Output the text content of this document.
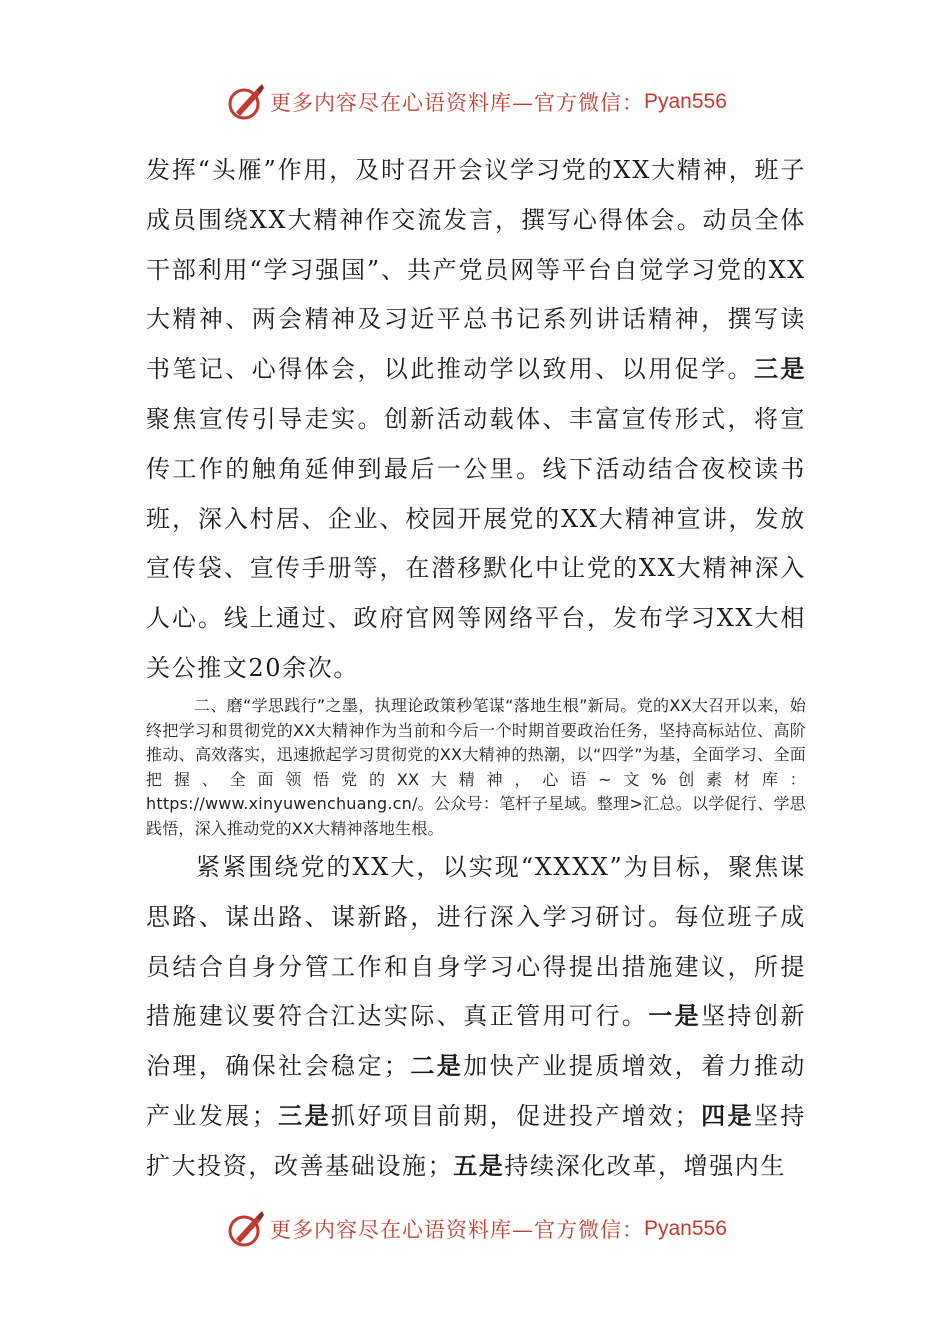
更多内容尽在心语资料库—官方微信： Pyan556

发挥“头雁”作用，及时召开会议学习党的XX大精神，班子成员围绕XX大精神作交流发言，撰写心得体会。动员全体干部利用“学习强国”、共产党员网等平台自觉学习党的XX大精神、两会精神及习近平总书记系列讲话精神，撰写读书笔记、心得体会，以此推动学以致用、以用促学。三是聚焦宣传引导走实。创新活动载体、丰富宣传形式，将宣传工作的触角延伸到最后一公里。线下活动结合夜校读书班，深入村居、企业、校园开展党的XX大精神宣讲，发放宣传袋、宣传手册等，在潜移默化中让党的XX大精神深入人心。线上通过、政府官网等网络平台，发布学习XX大相关公推文20余次。

二、磨“学思践行”之墨，执理论政策秒笔谋“落地生根”新局。党的XX大召开以来，始终把学习和贯彻党的XX大精神作为当前和今后一个时期首要政治任务，坚持高标站位、高阶推动、高效落实，迅速掀起学习贯彻党的XX大精神的热潮，以“四学”为基，全面学习、全面把握、全面领悟党的XX大精神，心语~文%创素材库：https://www.xinyuwenchuang.cn/。公众号：笔杆子星域。整理>汇总。以学促行、学思践悟，深入推动党的XX大精神落地生根。

紧紧围绕党的XX大，以实现“XXXX”为目标，聚焦谋思路、谋出路、谋新路，进行深入学习研讨。每位班子成员结合自身分管工作和自身学习心得提出措施建议，所提措施建议要符合江达实际、真正管用可行。一是坚持创新治理，确保社会稳定；二是加快产业提质增效，着力推动产业发展；三是抓好项目前期，促进投产增效；四是坚持扩大投资，改善基础设施；五是持续深化改革，增强内生

更多内容尽在心语资料库—官方微信： Pyan556
